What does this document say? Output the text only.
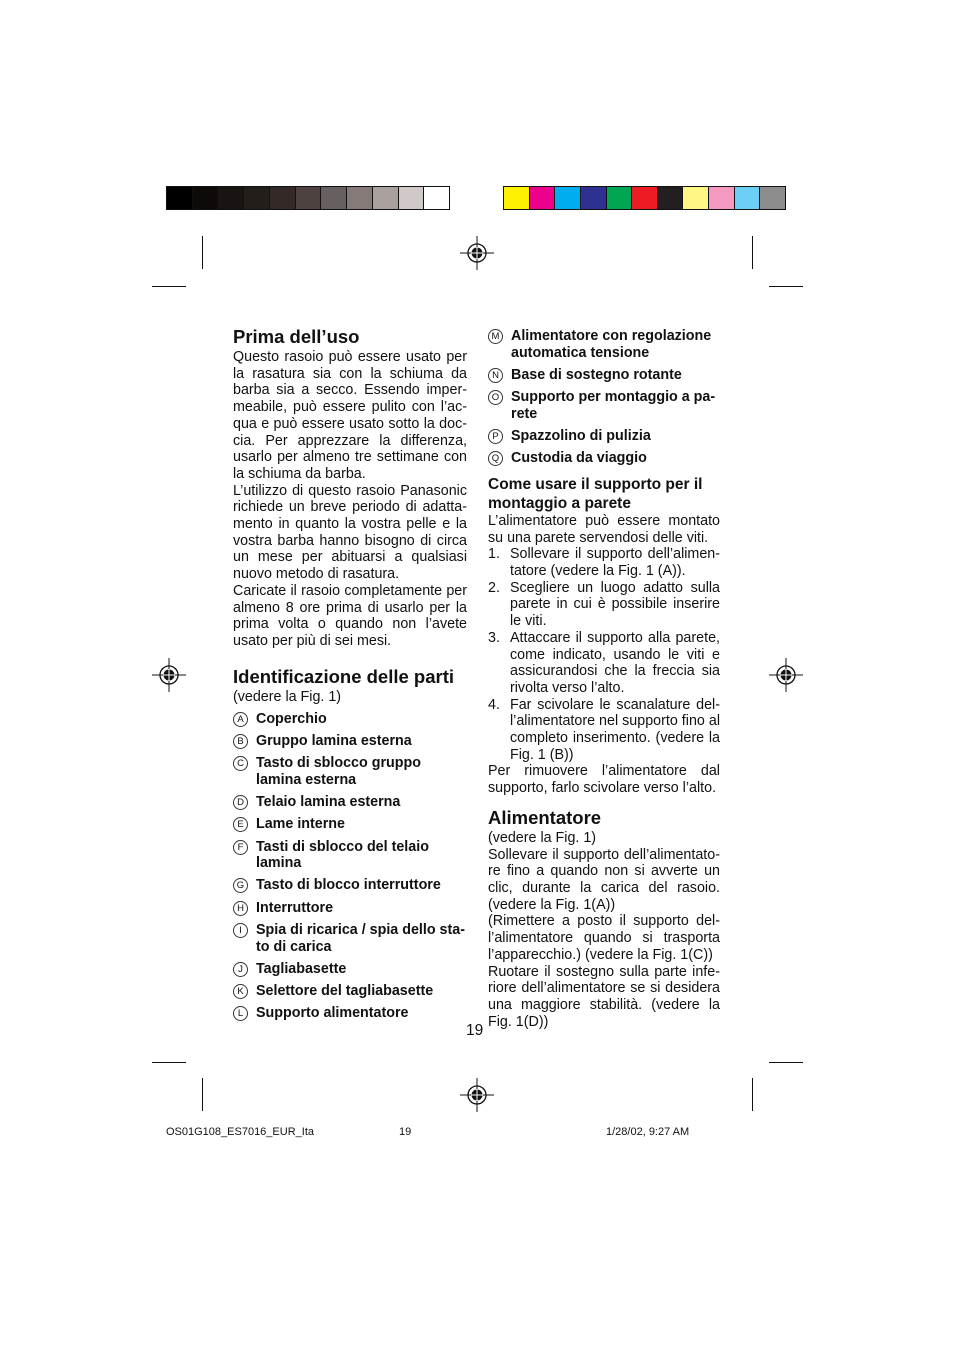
Prima dell’uso

Questo rasoio può essere usato per la rasatura sia con la schiuma da barba sia a secco. Essendo impermeabile, può essere pulito con l’acqua e può essere usato sotto la doccia. Per apprezzare la differenza, usarlo per almeno tre settimane con la schiuma da barba.

L’utilizzo di questo rasoio Panasonic richiede un breve periodo di adattamento in quanto la vostra pelle e la vostra barba hanno bisogno di circa un mese per abituarsi a qualsiasi nuovo metodo di rasatura.

Caricate il rasoio completamente per almeno 8 ore prima di usarlo per la prima volta o quando non l’avete usato per più di sei mesi.

Identificazione delle parti
(vedere la Fig. 1)
A Coperchio
B Gruppo lamina esterna
C Tasto di sblocco gruppo lamina esterna
D Telaio lamina esterna
E Lame interne
F Tasti di sblocco del telaio lamina
G Tasto di blocco interruttore
H Interruttore
I Spia di ricarica / spia dello stato di carica
J Tagliabasette
K Selettore del tagliabasette
L Supporto alimentatore
M Alimentatore con regolazione automatica tensione
N Base di sostegno rotante
O Supporto per montaggio a parete
P Spazzolino di pulizia
Q Custodia da viaggio
Come usare il supporto per il montaggio a parete

L’alimentatore può essere montato su una parete servendosi delle viti.

1. Sollevare il supporto dell’alimentatore (vedere la Fig. 1 (A)).
2. Scegliere un luogo adatto sulla parete in cui è possibile inserire le viti.
3. Attaccare il supporto alla parete, come indicato, usando le viti e assicurandosi che la freccia sia rivolta verso l’alto.
4. Far scivolare le scanalature dell’alimentatore nel supporto fino al completo inserimento. (vedere la Fig. 1 (B))

Per rimuovere l’alimentatore dal supporto, farlo scivolare verso l’alto.

Alimentatore
(vedere la Fig. 1)

Sollevare il supporto dell’alimentatore fino a quando non si avverte un clic, durante la carica del rasoio. (vedere la Fig. 1(A))

(Rimettere a posto il supporto dell’alimentatore quando si trasporta l’apparecchio.) (vedere la Fig. 1(C))

Ruotare il sostegno sulla parte inferiore dell’alimentatore se si desidera una maggiore stabilità. (vedere la Fig. 1(D))

19
OS01G108_ES7016_EUR_Ita	19	1/28/02, 9:27 AM
